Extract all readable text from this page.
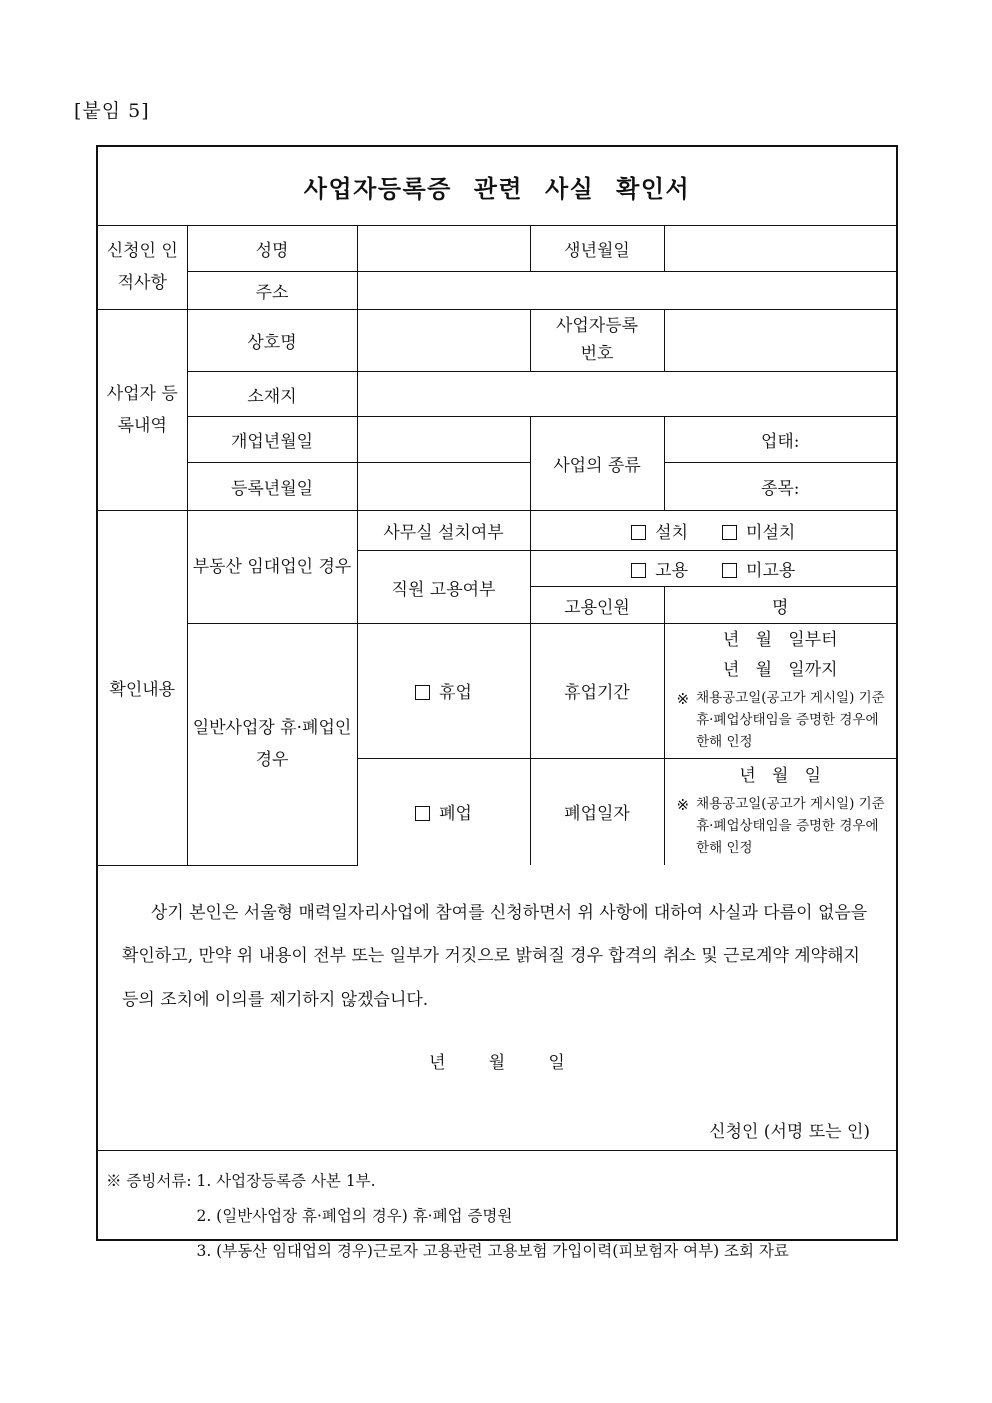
[붙임 5]
사업자등록증 관련 사실 확인서
신청인 인적사항	성명		생년월일	
	주소			
사업자 등록내역	상호명		사업자등록번호	
	소재지			
	개업년월일		사업의 종류	업태:
	등록년월일			종목:
확인내용	부동산 임대업인 경우	사무실 설치여부	설치 미설치	
		직원 고용여부	고용 미고용	
			고용인원	명
	일반사업장 휴·폐업인 경우	휴업	휴업기간	년   월   일부터
년   월   일까지
※ 채용공고일(공고가 게시일) 기준 휴·폐업상태임을 증명한 경우에 한해 인정

		폐업	폐업일자	년   월   일
※ 채용공고일(공고가 게시일) 기준 휴·폐업상태임을 증명한 경우에 한해 인정

상기 본인은 서울형 매력일자리사업에 참여를 신청하면서 위 사항에 대하여 사실과 다름이 없음을 확인하고, 만약 위 내용이 전부 또는 일부가 거짓으로 밝혀질 경우 합격의 취소 및 근로계약 계약해지 등의 조치에 이의를 제기하지 않겠습니다.

년        월        일
신청인 (서명 또는 인)
※ 증빙서류: 1. 사업장등록증 사본 1부.
2. (일반사업장 휴·폐업의 경우) 휴·폐업 증명원
3. (부동산 임대업의 경우)근로자 고용관련 고용보험 가입이력(피보험자 여부) 조회 자료
